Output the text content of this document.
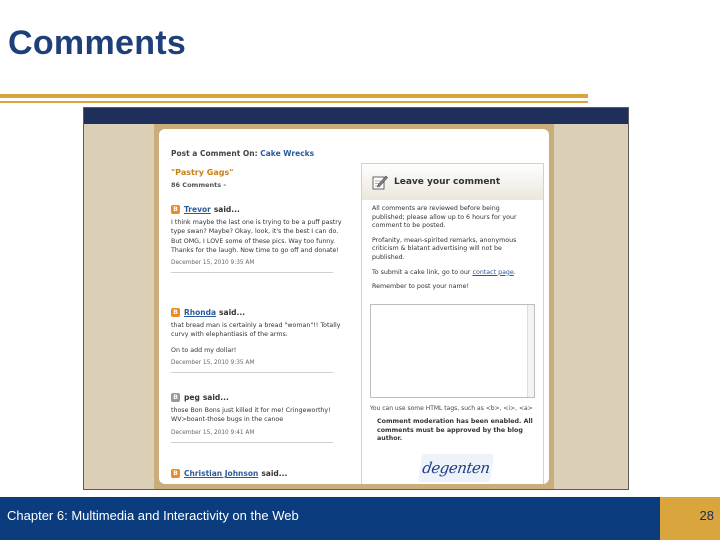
Comments
Post a Comment On: Cake Wrecks
"Pastry Gags"
86 Comments -
B Trevor said...
I think maybe the last one is trying to be a puff pastry type swan? Maybe? Okay, look, it's the best I can do. But OMG, I LOVE some of these pics. Way too funny. Thanks for the laugh. Now time to go off and donate!
December 15, 2010 9:35 AM
B Rhonda said...
that bread man is certainly a bread "woman"!! Totally curvy with elephantiasis of the arms.
On to add my dollar!
December 15, 2010 9:35 AM
B peg said...
those Bon Bons just killed it for me! Cringeworthy!
WV>boant-those bugs in the canoe
December 15, 2010 9:41 AM
B Christian Johnson said...
Leave your comment

All comments are reviewed before being published; please allow up to 6 hours for your comment to be posted.

Profanity, mean-spirited remarks, anonymous criticism & blatant advertising will not be published.

To submit a cake link, go to our contact page.

Remember to post your name!

You can use some HTML tags, such as <b>, <i>, <a>
Comment moderation has been enabled. All comments must be approved by the blog author.
degenten
Chapter 6: Multimedia and Interactivity on the Web	28
